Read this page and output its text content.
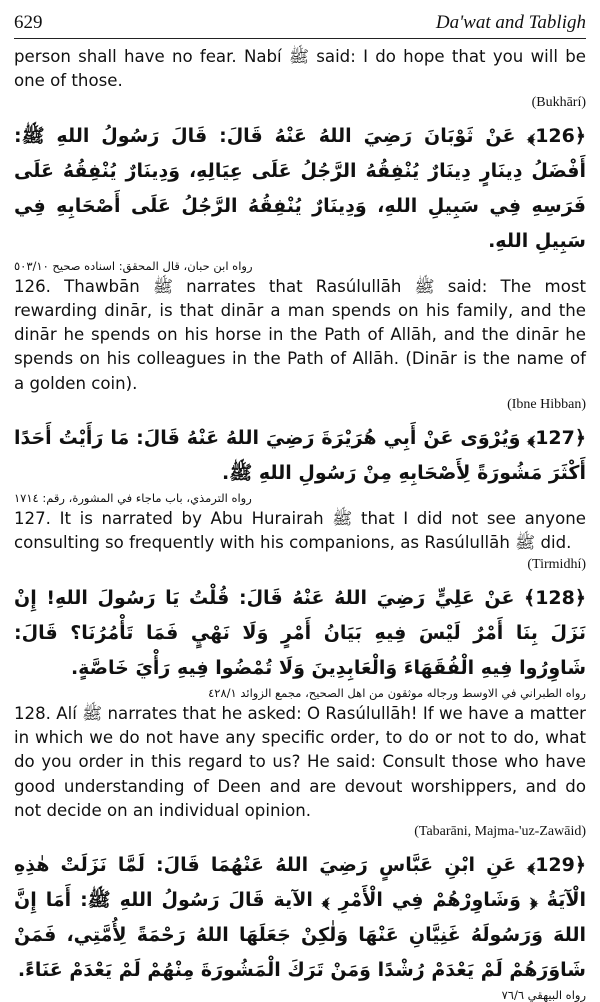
629	Da'wat and Tabligh

person shall have no fear. Nabí ﷺ said: I do hope that you will be one of those.

(Bukhārí)

﴿126﴾ عَنْ ثَوْبَانَ رَضِيَ اللهُ عَنْهُ قَالَ: قَالَ رَسُولُ اللهِ ﷺ: أَفْضَلُ دِينَارٍ دِينَارٌ يُنْفِقُهُ الرَّجُلُ عَلَى عِيَالِهِ، وَدِينَارٌ يُنْفِقُهُ عَلَى فَرَسِهِ فِي سَبِيلِ اللهِ، وَدِينَارٌ يُنْفِقُهُ الرَّجُلُ عَلَى أَصْحَابِهِ فِي سَبِيلِ اللهِ.

رواه ابن حبان، قال المحقق: اسناده صحيح ٥٠٣/١٠

126. Thawbān ﷺ narrates that Rasúlullāh ﷺ said: The most rewarding dinār, is that dinār a man spends on his family, and the dinār he spends on his horse in the Path of Allāh, and the dinār he spends on his colleagues in the Path of Allāh. (Dinār is the name of a golden coin).

(Ibne Hibban)

﴿127﴾ وَيُرْوَى عَنْ أَبِي هُرَيْرَةَ رَضِيَ اللهُ عَنْهُ قَالَ: مَا رَأَيْتُ أَحَدًا أَكْثَرَ مَشُورَةً لِأَصْحَابِهِ مِنْ رَسُولِ اللهِ ﷺ.

رواه الترمذي، باب ماجاء في المشورة، رقم: ١٧١٤

127. It is narrated by Abu Hurairah ﷺ that I did not see anyone consulting so frequently with his companions, as Rasúlullāh ﷺ did.

(Tirmidhí)

﴿128﴾ عَنْ عَلِيٍّ رَضِيَ اللهُ عَنْهُ قَالَ: قُلْتُ يَا رَسُولَ اللهِ! إِنْ نَزَلَ بِنَا أَمْرٌ لَيْسَ فِيهِ بَيَانُ أَمْرٍ وَلَا نَهْيٍ فَمَا تَأْمُرُنَا؟ قَالَ: شَاوِرُوا فِيهِ الْفُقَهَاءَ وَالْعَابِدِينَ وَلَا تُمْضُوا فِيهِ رَأْيَ خَاصَّةٍ.

رواه الطبراني في الاوسط ورجاله موثقون من اهل الصحيح، مجمع الزوائد ٤٢٨/١

128. Alí ﷺ narrates that he asked: O Rasúlullāh! If we have a matter in which we do not have any specific order, to do or not to do, what do you order in this regard to us? He said: Consult those who have good understanding of Deen and are devout worshippers, and do not decide on an individual opinion.

(Tabarāni, Majma-'uz-Zawāid)

﴿129﴾ عَنِ ابْنِ عَبَّاسٍ رَضِيَ اللهُ عَنْهُمَا قَالَ: لَمَّا نَزَلَتْ هٰذِهِ الْآيَةُ ﴿ وَشَاوِرْهُمْ فِي الْأَمْرِ ﴾ الآية قَالَ رَسُولُ اللهِ ﷺ: أَمَا إِنَّ اللهَ وَرَسُولَهُ غَنِيَّانِ عَنْهَا وَلٰكِنْ جَعَلَهَا اللهُ رَحْمَةً لِأُمَّتِي، فَمَنْ شَاوَرَهُمْ لَمْ يَعْدَمْ رُشْدًا وَمَنْ تَرَكَ الْمَشُورَةَ مِنْهُمْ لَمْ يَعْدَمْ عَنَاءً.

رواه البيهقي ٧٦/٦
